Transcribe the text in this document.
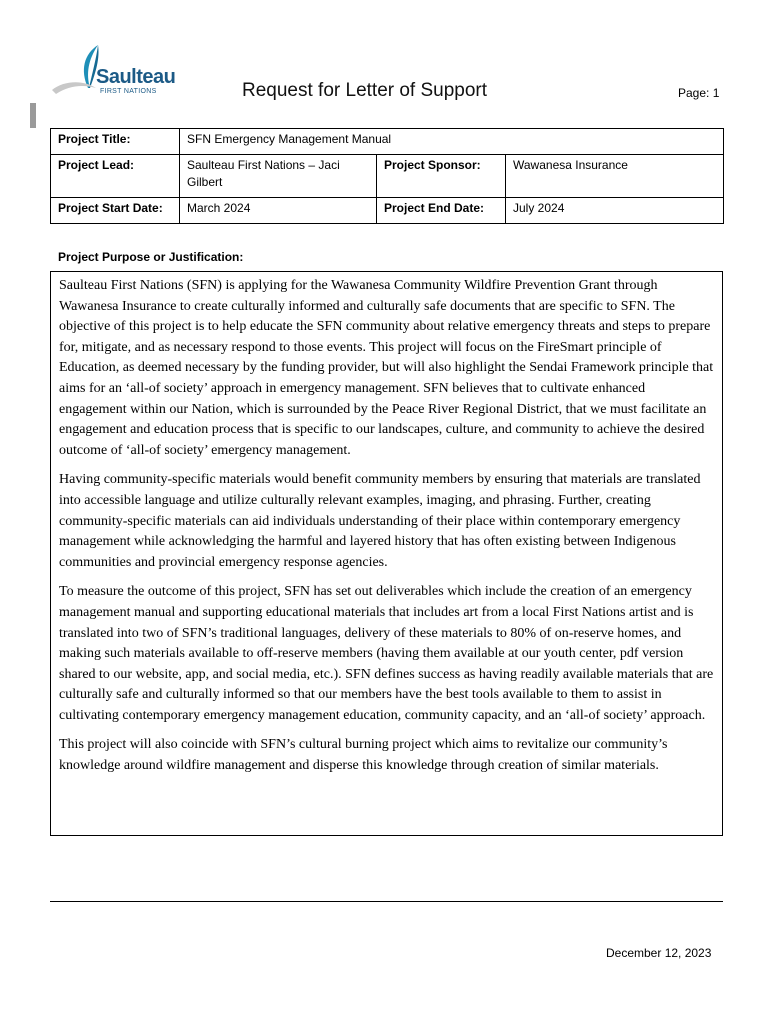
Saulteau
FIRST NATIONS	Request for Letter of Support	Page: 1
Project Title:	SFN Emergency Management Manual		
Project Lead:	Saulteau First Nations – Jaci Gilbert	Project Sponsor:	Wawanesa Insurance
Project Start Date:	March 2024	Project End Date:	July 2024
Project Purpose or Justification:

Saulteau First Nations (SFN) is applying for the Wawanesa Community Wildfire Prevention Grant through Wawanesa Insurance to create culturally informed and culturally safe documents that are specific to SFN. The objective of this project is to help educate the SFN community about relative emergency threats and steps to prepare for, mitigate, and as necessary respond to those events. This project will focus on the FireSmart principle of Education, as deemed necessary by the funding provider, but will also highlight the Sendai Framework principle that aims for an ‘all-of society’ approach in emergency management. SFN believes that to cultivate enhanced engagement within our Nation, which is surrounded by the Peace River Regional District, that we must facilitate an engagement and education process that is specific to our landscapes, culture, and community to achieve the desired outcome of ‘all-of society’ emergency management.

Having community-specific materials would benefit community members by ensuring that materials are translated into accessible language and utilize culturally relevant examples, imaging, and phrasing. Further, creating community-specific materials can aid individuals understanding of their place within contemporary emergency management while acknowledging the harmful and layered history that has often existing between Indigenous communities and provincial emergency response agencies.

To measure the outcome of this project, SFN has set out deliverables which include the creation of an emergency management manual and supporting educational materials that includes art from a local First Nations artist and is translated into two of SFN’s traditional languages, delivery of these materials to 80% of on-reserve homes, and making such materials available to off-reserve members (having them available at our youth center, pdf version shared to our website, app, and social media, etc.). SFN defines success as having readily available materials that are culturally safe and culturally informed so that our members have the best tools available to them to assist in cultivating contemporary emergency management education, community capacity, and an ‘all-of society’ approach.

This project will also coincide with SFN’s cultural burning project which aims to revitalize our community’s knowledge around wildfire management and disperse this knowledge through creation of similar materials.

December 12, 2023
